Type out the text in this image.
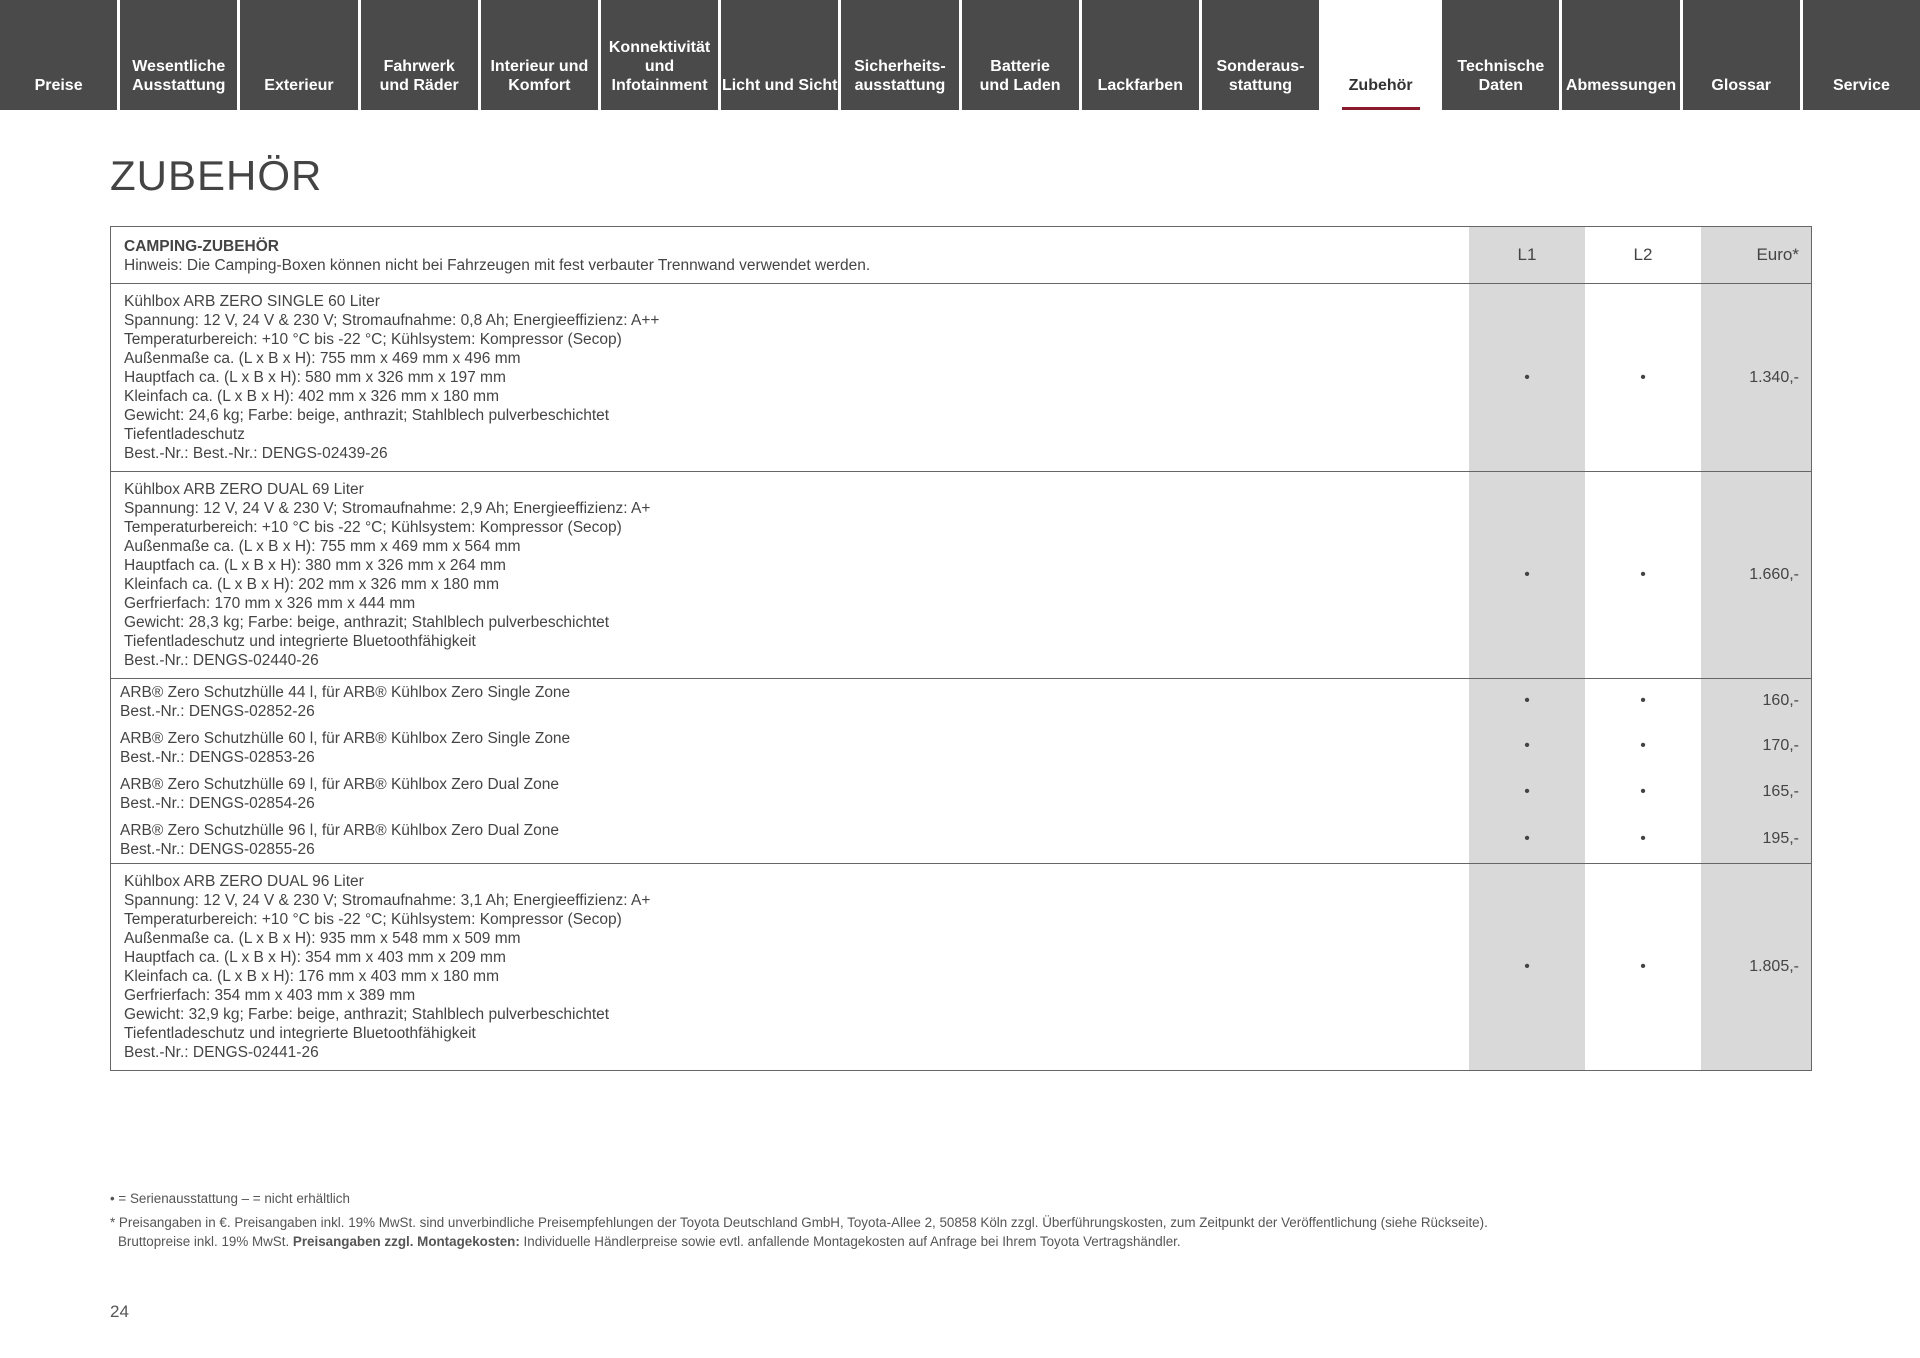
Preise
Wesentliche
Ausstattung	Exterieur
Fahrwerk
und Räder
Interieur und
Komfort
Konnektivität
und
Infotainment Licht und Sicht
Sicherheits-
ausstattung
Batterie
und Laden	Lackfarben
Sonderaus-
stattung	Zubehör
Technische
Daten	Abmessungen	Glossar	Service
ZUBEHÖR
CAMPING-ZUBEHÖR
Hinweis: Die Camping-Boxen können nicht bei Fahrzeugen mit fest verbauter Trennwand verwendet werden.
L1	L2	Euro*
Kühlbox ARB ZERO SINGLE 60 Liter
Spannung: 12 V, 24 V & 230 V; Stromaufnahme: 0,8 Ah; Energieeffizienz: A++
Temperaturbereich: +10 °C bis -22 °C; Kühlsystem: Kompressor (Secop)
Außenmaße ca. (L x B x H): 755 mm x 469 mm x 496 mm
Hauptfach ca. (L x B x H): 580 mm x 326 mm x 197 mm
Kleinfach ca. (L x B x H): 402 mm x 326 mm x 180 mm
Gewicht: 24,6 kg; Farbe: beige, anthrazit; Stahlblech pulverbeschichtet
Tiefentladeschutz
Best.-Nr.: Best.-Nr.: DENGS-02439-26
•	•	1.340,-
Kühlbox ARB ZERO DUAL 69 Liter
Spannung: 12 V, 24 V & 230 V; Stromaufnahme: 2,9 Ah; Energieeffizienz: A+
Temperaturbereich: +10 °C bis -22 °C; Kühlsystem: Kompressor (Secop)
Außenmaße ca. (L x B x H): 755 mm x 469 mm x 564 mm
Hauptfach ca. (L x B x H): 380 mm x 326 mm x 264 mm
Kleinfach ca. (L x B x H): 202 mm x 326 mm x 180 mm
Gerfrierfach: 170 mm x 326 mm x 444 mm
Gewicht: 28,3 kg; Farbe: beige, anthrazit; Stahlblech pulverbeschichtet
Tiefentladeschutz und integrierte Bluetoothfähigkeit
Best.-Nr.: DENGS-02440-26
•	•	1.660,-
ARB® Zero Schutzhülle 44 l, für ARB® Kühlbox Zero Single Zone
Best.-Nr.: DENGS-02852-26
•	•	160,-
ARB® Zero Schutzhülle 60 l, für ARB® Kühlbox Zero Single Zone
Best.-Nr.: DENGS-02853-26
•	•	170,-
ARB® Zero Schutzhülle 69 l, für ARB® Kühlbox Zero Dual Zone
Best.-Nr.: DENGS-02854-26
•	•	165,-
ARB® Zero Schutzhülle 96 l, für ARB® Kühlbox Zero Dual Zone
Best.-Nr.: DENGS-02855-26
•	•	195,-
Kühlbox ARB ZERO DUAL 96 Liter
Spannung: 12 V, 24 V & 230 V; Stromaufnahme: 3,1 Ah; Energieeffizienz: A+
Temperaturbereich: +10 °C bis -22 °C; Kühlsystem: Kompressor (Secop)
Außenmaße ca. (L x B x H): 935 mm x 548 mm x 509 mm
Hauptfach ca. (L x B x H): 354 mm x 403 mm x 209 mm
Kleinfach ca. (L x B x H): 176 mm x 403 mm x 180 mm
Gerfrierfach: 354 mm x 403 mm x 389 mm
Gewicht: 32,9 kg; Farbe: beige, anthrazit; Stahlblech pulverbeschichtet
Tiefentladeschutz und integrierte Bluetoothfähigkeit
Best.-Nr.: DENGS-02441-26
•	•	1.805,-
• = Serienausstattung – = nicht erhältlich
* Preisangaben in €. Preisangaben inkl. 19% MwSt. sind unverbindliche Preisempfehlungen der Toyota Deutschland GmbH, Toyota-Allee 2, 50858 Köln zzgl. Überführungskosten, zum Zeitpunkt der Veröffentlichung (siehe Rückseite).
Bruttopreise inkl. 19% MwSt. Preisangaben zzgl. Montagekosten: Individuelle Händlerpreise sowie evtl. anfallende Montagekosten auf Anfrage bei Ihrem Toyota Vertragshändler.
24
